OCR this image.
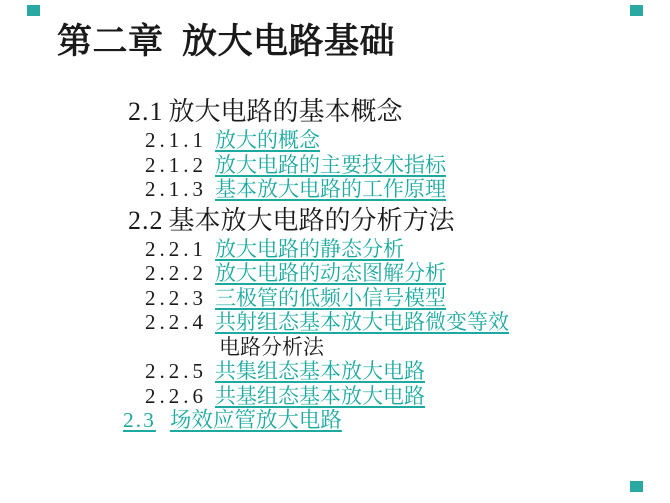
第二章  放大电路基础
2.1 放大电路的基本概念
2.1.1 放大的概念
2.1.2 放大电路的主要技术指标
2.1.3 基本放大电路的工作原理
2.2 基本放大电路的分析方法
2.2.1 放大电路的静态分析
2.2.2 放大电路的动态图解分析
2.2.3 三极管的低频小信号模型
2.2.4 共射组态基本放大电路微变等效
电路分析法
2.2.5 共集组态基本放大电路
2.2.6 共基组态基本放大电路
2.3 场效应管放大电路
